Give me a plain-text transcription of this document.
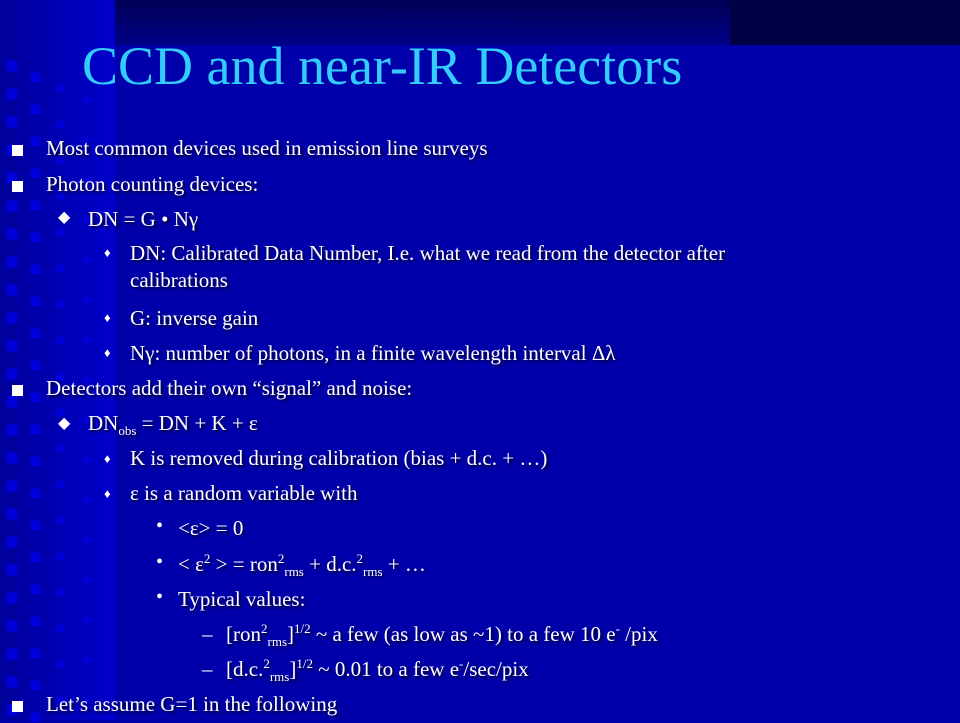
CCD and near-IR Detectors
Most common devices used in emission line surveys
Photon counting devices:
◆ DN = G • Nγ
♦ DN: Calibrated Data Number, I.e. what we read from the detector after
calibrations
♦ G: inverse gain
♦ Nγ: number of photons, in a finite wavelength interval Δλ
Detectors add their own “signal” and noise:
◆ $DN_{obs}$ = DN + K + ε
♦ K is removed during calibration (bias + d.c. + …)
♦ ε is a random variable with
• <ε> = 0
• < $\varepsilon^2$ > = ron$^2_{rms}$ + d.c.$^2_{rms}$ + …
• Typical values:
– $[ron^2_{rms}]^{1/2}$ ~ a few (as low as ~1) to a few 10 e- /pix
– $[d.c.^2_{rms}]^{1/2}$ ~ 0.01 to a few e-/sec/pix
Let’s assume G=1 in the following
